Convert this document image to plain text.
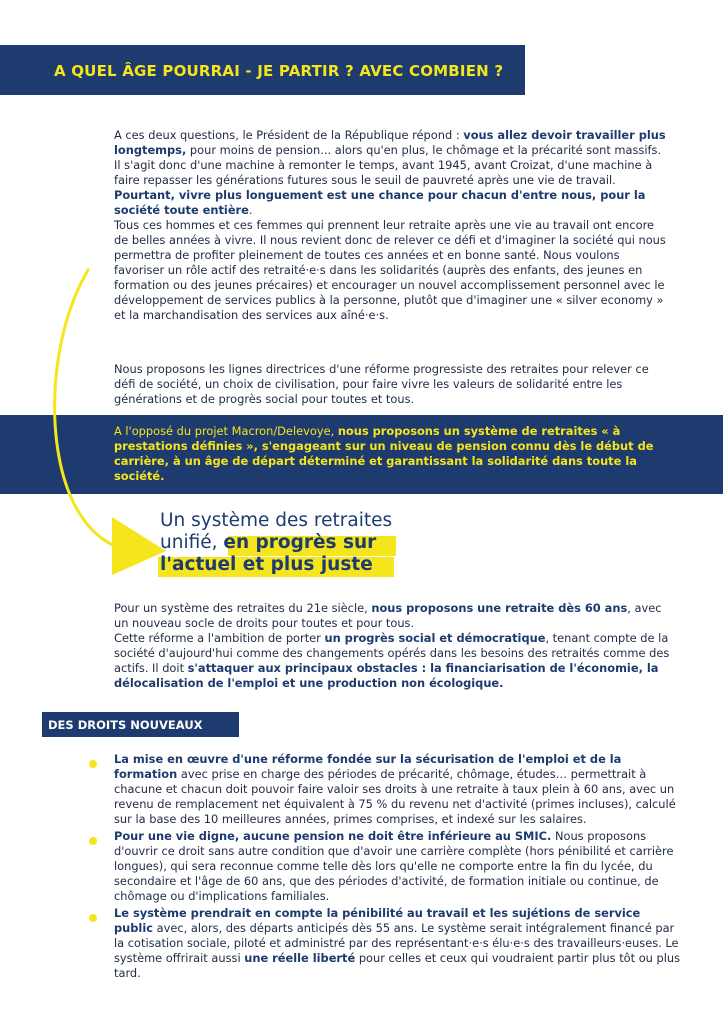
A QUEL ÂGE POURRAI - JE PARTIR ? AVEC COMBIEN ?

A ces deux questions, le Président de la République répond : vous allez devoir travailler plus longtemps, pour moins de pension... alors qu'en plus, le chômage et la précarité sont massifs. Il s'agit donc d'une machine à remonter le temps, avant 1945, avant Croizat, d'une machine à faire repasser les générations futures sous le seuil de pauvreté après une vie de travail.

Pourtant, vivre plus longuement est une chance pour chacun d'entre nous, pour la société toute entière.

Tous ces hommes et ces femmes qui prennent leur retraite après une vie au travail ont encore de belles années à vivre. Il nous revient donc de relever ce défi et d'imaginer la société qui nous permettra de profiter pleinement de toutes ces années et en bonne santé. Nous voulons favoriser un rôle actif des retraité·e·s dans les solidarités (auprès des enfants, des jeunes en formation ou des jeunes précaires) et encourager un nouvel accomplissement personnel avec le développement de services publics à la personne, plutôt que d'imaginer une « silver economy » et la marchandisation des services aux aîné·e·s.

Nous proposons les lignes directrices d'une réforme progressiste des retraites pour relever ce défi de société, un choix de civilisation, pour faire vivre les valeurs de solidarité entre les générations et de progrès social pour toutes et tous.
A l'opposé du projet Macron/Delevoye, nous proposons un système de retraites « à prestations définies », s'engageant sur un niveau de pension connu dès le début de carrière, à un âge de départ déterminé et garantissant la solidarité dans toute la société.
Un système des retraites
unifié, en progrès sur
l'actuel et plus juste

Pour un système des retraites du 21e siècle, nous proposons une retraite dès 60 ans, avec un nouveau socle de droits pour toutes et pour tous.

Cette réforme a l'ambition de porter un progrès social et démocratique, tenant compte de la société d'aujourd'hui comme des changements opérés dans les besoins des retraités comme des actifs. Il doit s'attaquer aux principaux obstacles : la financiarisation de l'économie, la délocalisation de l'emploi et une production non écologique.

DES DROITS NOUVEAUX
La mise en œuvre d'une réforme fondée sur la sécurisation de l'emploi et de la formation avec prise en charge des périodes de précarité, chômage, études… permettrait à chacune et chacun doit pouvoir faire valoir ses droits à une retraite à taux plein à 60 ans, avec un revenu de remplacement net équivalent à 75 % du revenu net d'activité (primes incluses), calculé sur la base des 10 meilleures années, primes comprises, et indexé sur les salaires.
Pour une vie digne, aucune pension ne doit être inférieure au SMIC. Nous proposons d'ouvrir ce droit sans autre condition que d'avoir une carrière complète (hors pénibilité et carrière longues), qui sera reconnue comme telle dès lors qu'elle ne comporte entre la fin du lycée, du secondaire et l'âge de 60 ans, que des périodes d'activité, de formation initiale ou continue, de chômage ou d'implications familiales.
Le système prendrait en compte la pénibilité au travail et les sujétions de service public avec, alors, des départs anticipés dès 55 ans. Le système serait intégralement financé par la cotisation sociale, piloté et administré par des représentant·e·s élu·e·s des travailleurs·euses. Le système offrirait aussi une réelle liberté pour celles et ceux qui voudraient partir plus tôt ou plus tard.
